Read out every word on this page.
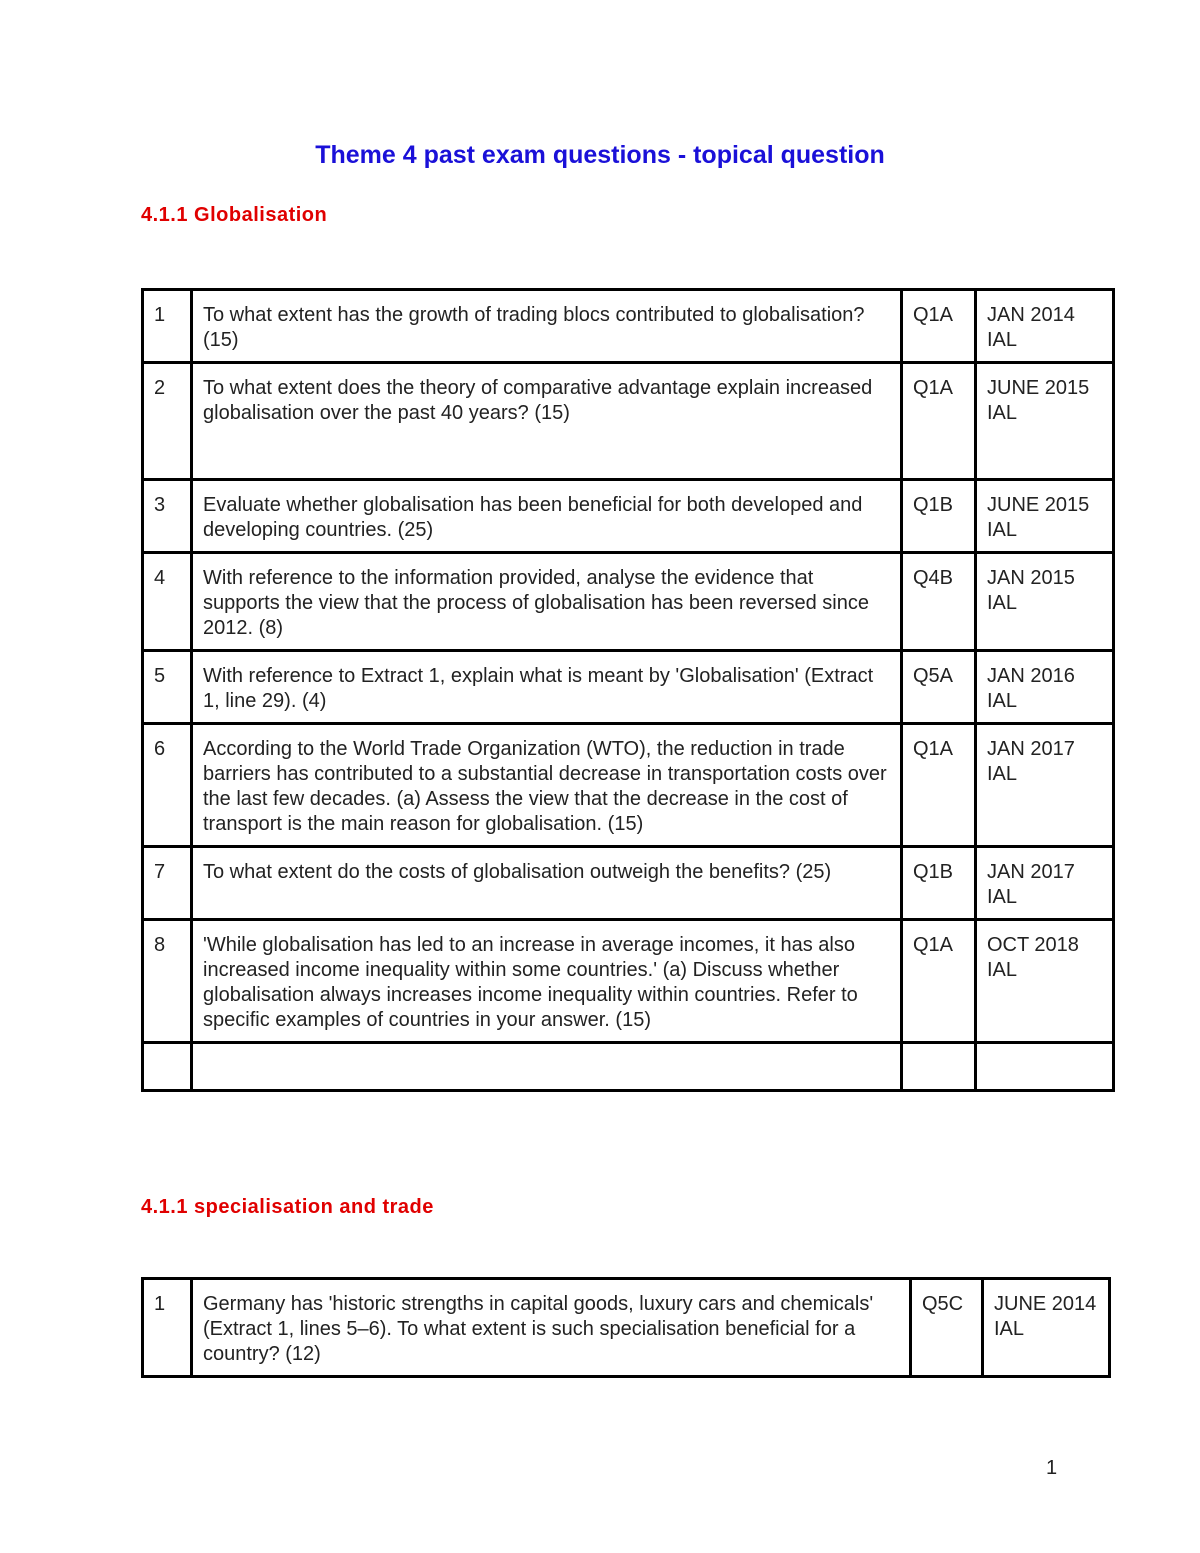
Theme 4 past exam questions - topical question
4.1.1 Globalisation
1	To what extent has the growth of trading blocs contributed to globalisation? (15)	Q1A	JAN 2014 IAL
2	To what extent does the theory of comparative advantage explain increased globalisation over the past 40 years? (15)	Q1A	JUNE 2015 IAL
3	Evaluate whether globalisation has been beneficial for both developed and developing countries. (25)	Q1B	JUNE 2015 IAL
4	With reference to the information provided, analyse the evidence that supports the view that the process of globalisation has been reversed since 2012. (8)	Q4B	JAN 2015 IAL
5	With reference to Extract 1, explain what is meant by 'Globalisation' (Extract 1, line 29). (4)	Q5A	JAN 2016 IAL
6	According to the World Trade Organization (WTO), the reduction in trade barriers has contributed to a substantial decrease in transportation costs over the last few decades. (a) Assess the view that the decrease in the cost of transport is the main reason for globalisation. (15)	Q1A	JAN 2017 IAL
7	To what extent do the costs of globalisation outweigh the benefits? (25)	Q1B	JAN 2017 IAL
8	'While globalisation has led to an increase in average incomes, it has also increased income inequality within some countries.' (a) Discuss whether globalisation always increases income inequality within countries. Refer to specific examples of countries in your answer. (15)	Q1A	OCT 2018 IAL

4.1.1 specialisation and trade
1	Germany has 'historic strengths in capital goods, luxury cars and chemicals' (Extract 1, lines 5–6). To what extent is such specialisation beneficial for a country? (12)	Q5C	JUNE 2014 IAL
1
